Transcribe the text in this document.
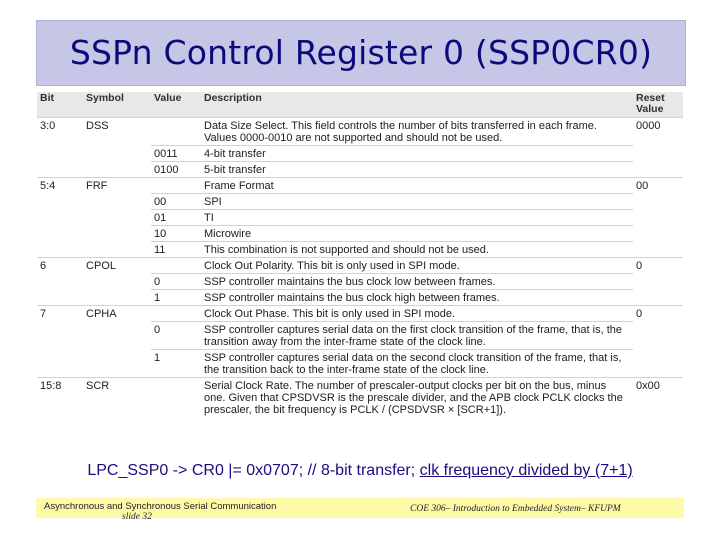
SSPn Control Register 0 (SSP0CR0)
Bit	Symbol	Value	Description	Reset Value
3:0	DSS		Data Size Select. This field controls the number of bits transferred in each frame. Values 0000-0010 are not supported and should not be used.	0000
		0011	4-bit transfer	
		0100	5-bit transfer	
5:4	FRF		Frame Format	00
		00	SPI	
		01	TI	
		10	Microwire	
		11	This combination is not supported and should not be used.	
6	CPOL		Clock Out Polarity. This bit is only used in SPI mode.	0
		0	SSP controller maintains the bus clock low between frames.	
		1	SSP controller maintains the bus clock high between frames.	
7	CPHA		Clock Out Phase. This bit is only used in SPI mode.	0
		0	SSP controller captures serial data on the first clock transition of the frame, that is, the transition away from the inter-frame state of the clock line.	
		1	SSP controller captures serial data on the second clock transition of the frame, that is, the transition back to the inter-frame state of the clock line.	
15:8	SCR		Serial Clock Rate. The number of prescaler-output clocks per bit on the bus, minus one. Given that CPSDVSR is the prescale divider, and the APB clock PCLK clocks the prescaler, the bit frequency is PCLK / (CPSDVSR × [SCR+1]).	0x00
LPC_SSP0 -> CR0 |= 0x0707; // 8-bit transfer; clk frequency divided by (7+1)
Asynchronous and Synchronous Serial Communication
slide 32
COE 306– Introduction to Embedded System– KFUPM
